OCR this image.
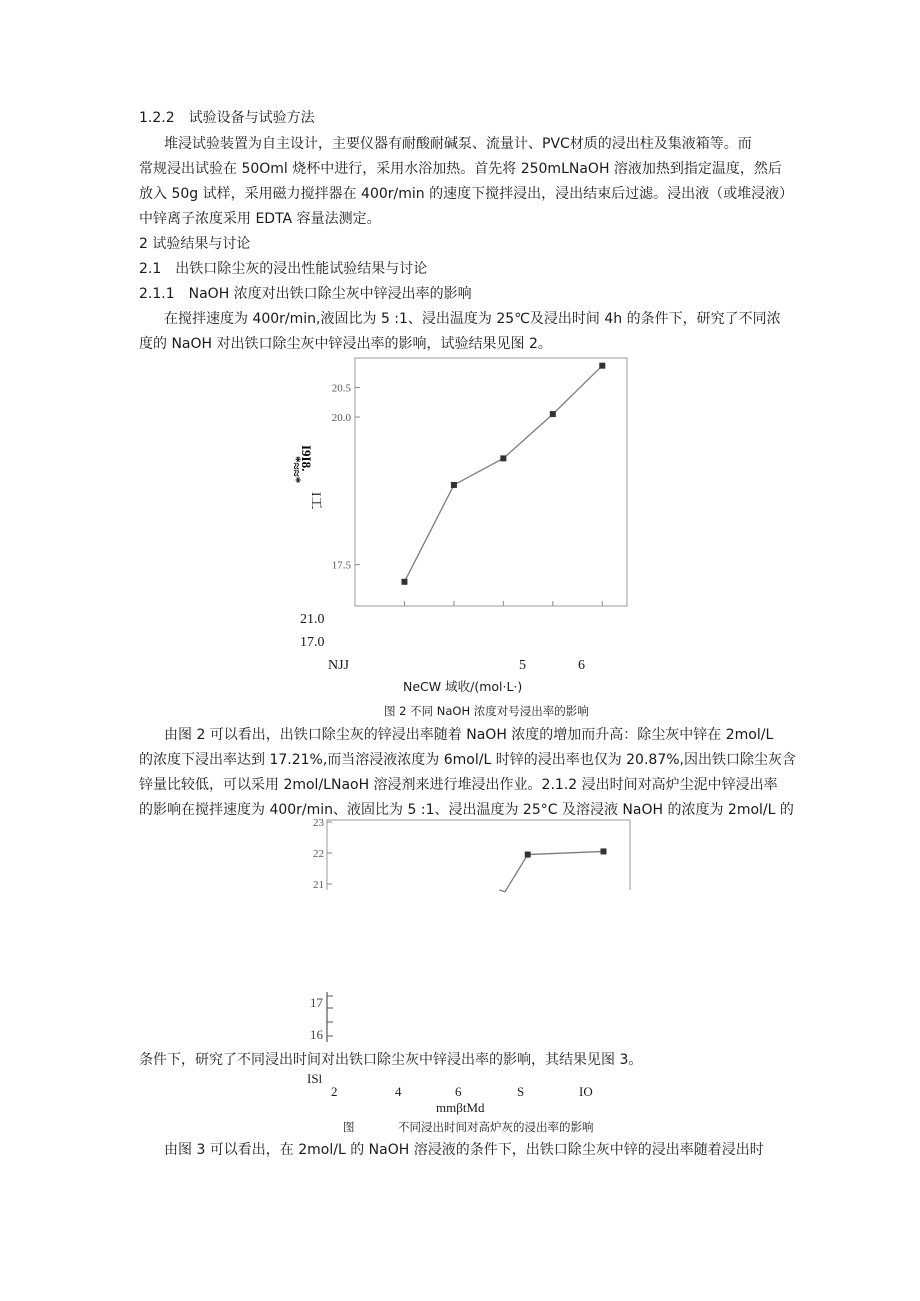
1.2.2　试验设备与试验方法
堆浸试验装置为自主设计，主要仪器有耐酸耐碱泵、流量计、PVC材质的浸出柱及集液箱等。而
常规浸出试验在 50Oml 烧杯中进行，采用水浴加热。首先将 250mLNaOH 溶液加热到指定温度，然后
放入 50g 试样，采用磁力搅拌器在 400r/min 的速度下搅拌浸出，浸出结束后过滤。浸出液（或堆浸液）
中锌离子浓度采用 EDTA 容量法测定。
2 试验结果与讨论
2.1　出铁口除尘灰的浸出性能试验结果与讨论
2.1.1　NaOH 浓度对出铁口除尘灰中锌浸出率的影响
在搅拌速度为 400r/min,液固比为 5 :1、浸出温度为 25℃及浸出时间 4h 的条件下，研究了不同浓
度的 NaOH 对出铁口除尘灰中锌浸出率的影响，试验结果见图 2。
17.5
20.0
20.5
I9I8.
*≈≈*
I工
21.0
17.0
NJJ	5	6
NeCW 域收/(mol·L·)
图 2 不同 NaOH 浓度对号浸出率的影响
由图 2 可以看出，出铁口除尘灰的锌浸出率随着 NaOH 浓度的增加而升高：除尘灰中锌在 2mol/L
的浓度下浸出率达到 17.21%,而当溶浸液浓度为 6mol/L 时锌的浸出率也仅为 20.87%,因出铁口除尘灰含
锌量比较低，可以采用 2mol/LNaoH 溶浸剂来进行堆浸出作业。2.1.2 浸出时间对高炉尘泥中锌浸出率
的影响在搅拌速度为 400r/min、液固比为 5 :1、浸出温度为 25°C 及溶浸液 NaOH 的浓度为 2mol/L 的
23
22
21
17
16
条件下，研究了不同浸出时间对出铁口除尘灰中锌浸出率的影响，其结果见图 3。
ISl
2	4	6	S	IO
mmβtMd
图	不同浸出时间对高炉灰的浸出率的影响
由图 3 可以看出，在 2mol/L 的 NaOH 溶浸液的条件下，出铁口除尘灰中锌的浸出率随着浸出时
